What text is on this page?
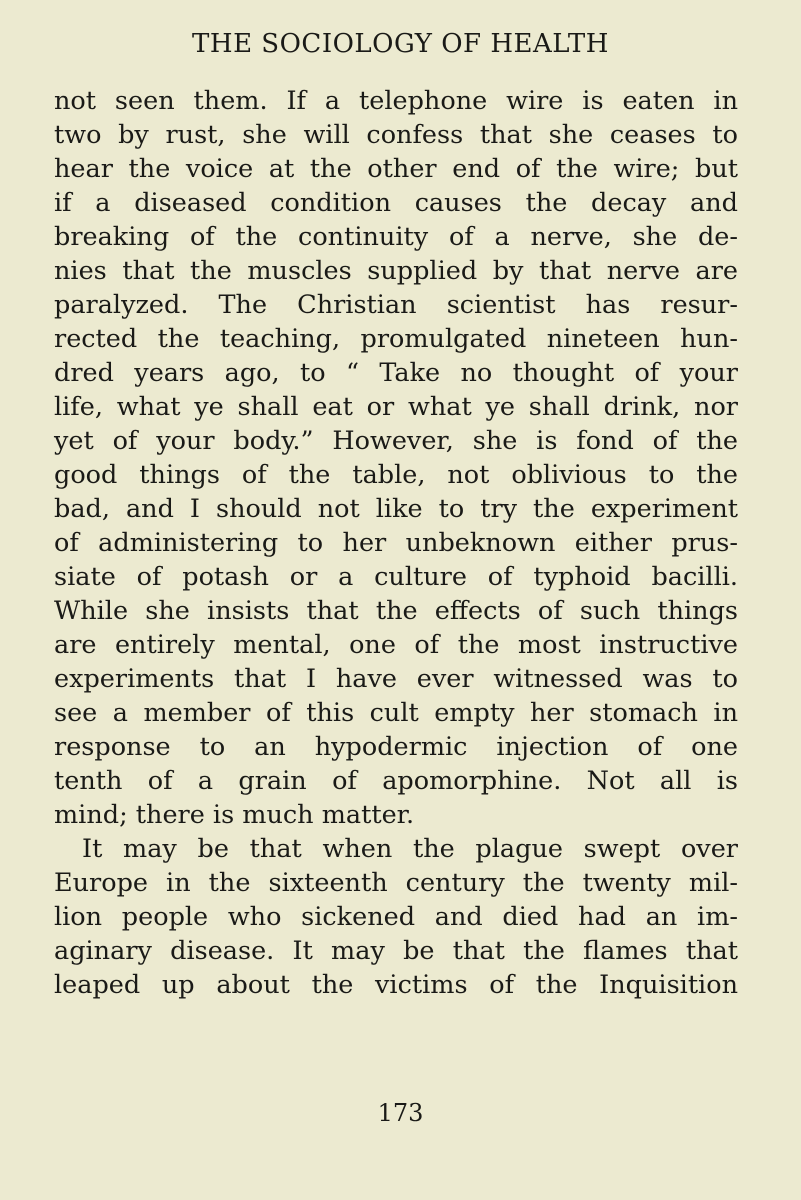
THE SOCIOLOGY OF HEALTH
not seen them. If a telephone wire is eaten in
two by rust, she will confess that she ceases to
hear the voice at the other end of the wire; but
if a diseased condition causes the decay and
breaking of the continuity of a nerve, she de-
nies that the muscles supplied by that nerve are
paralyzed. The Christian scientist has resur-
rected the teaching, promulgated nineteen hun-
dred years ago, to “ Take no thought of your
life, what ye shall eat or what ye shall drink, nor
yet of your body.” However, she is fond of the
good things of the table, not oblivious to the
bad, and I should not like to try the experiment
of administering to her unbeknown either prus-
siate of potash or a culture of typhoid bacilli.
While she insists that the effects of such things
are entirely mental, one of the most instructive
experiments that I have ever witnessed was to
see a member of this cult empty her stomach in
response to an hypodermic injection of one
tenth of a grain of apomorphine. Not all is
mind; there is much matter.
It may be that when the plague swept over
Europe in the sixteenth century the twenty mil-
lion people who sickened and died had an im-
aginary disease. It may be that the flames that
leaped up about the victims of the Inquisition
173
